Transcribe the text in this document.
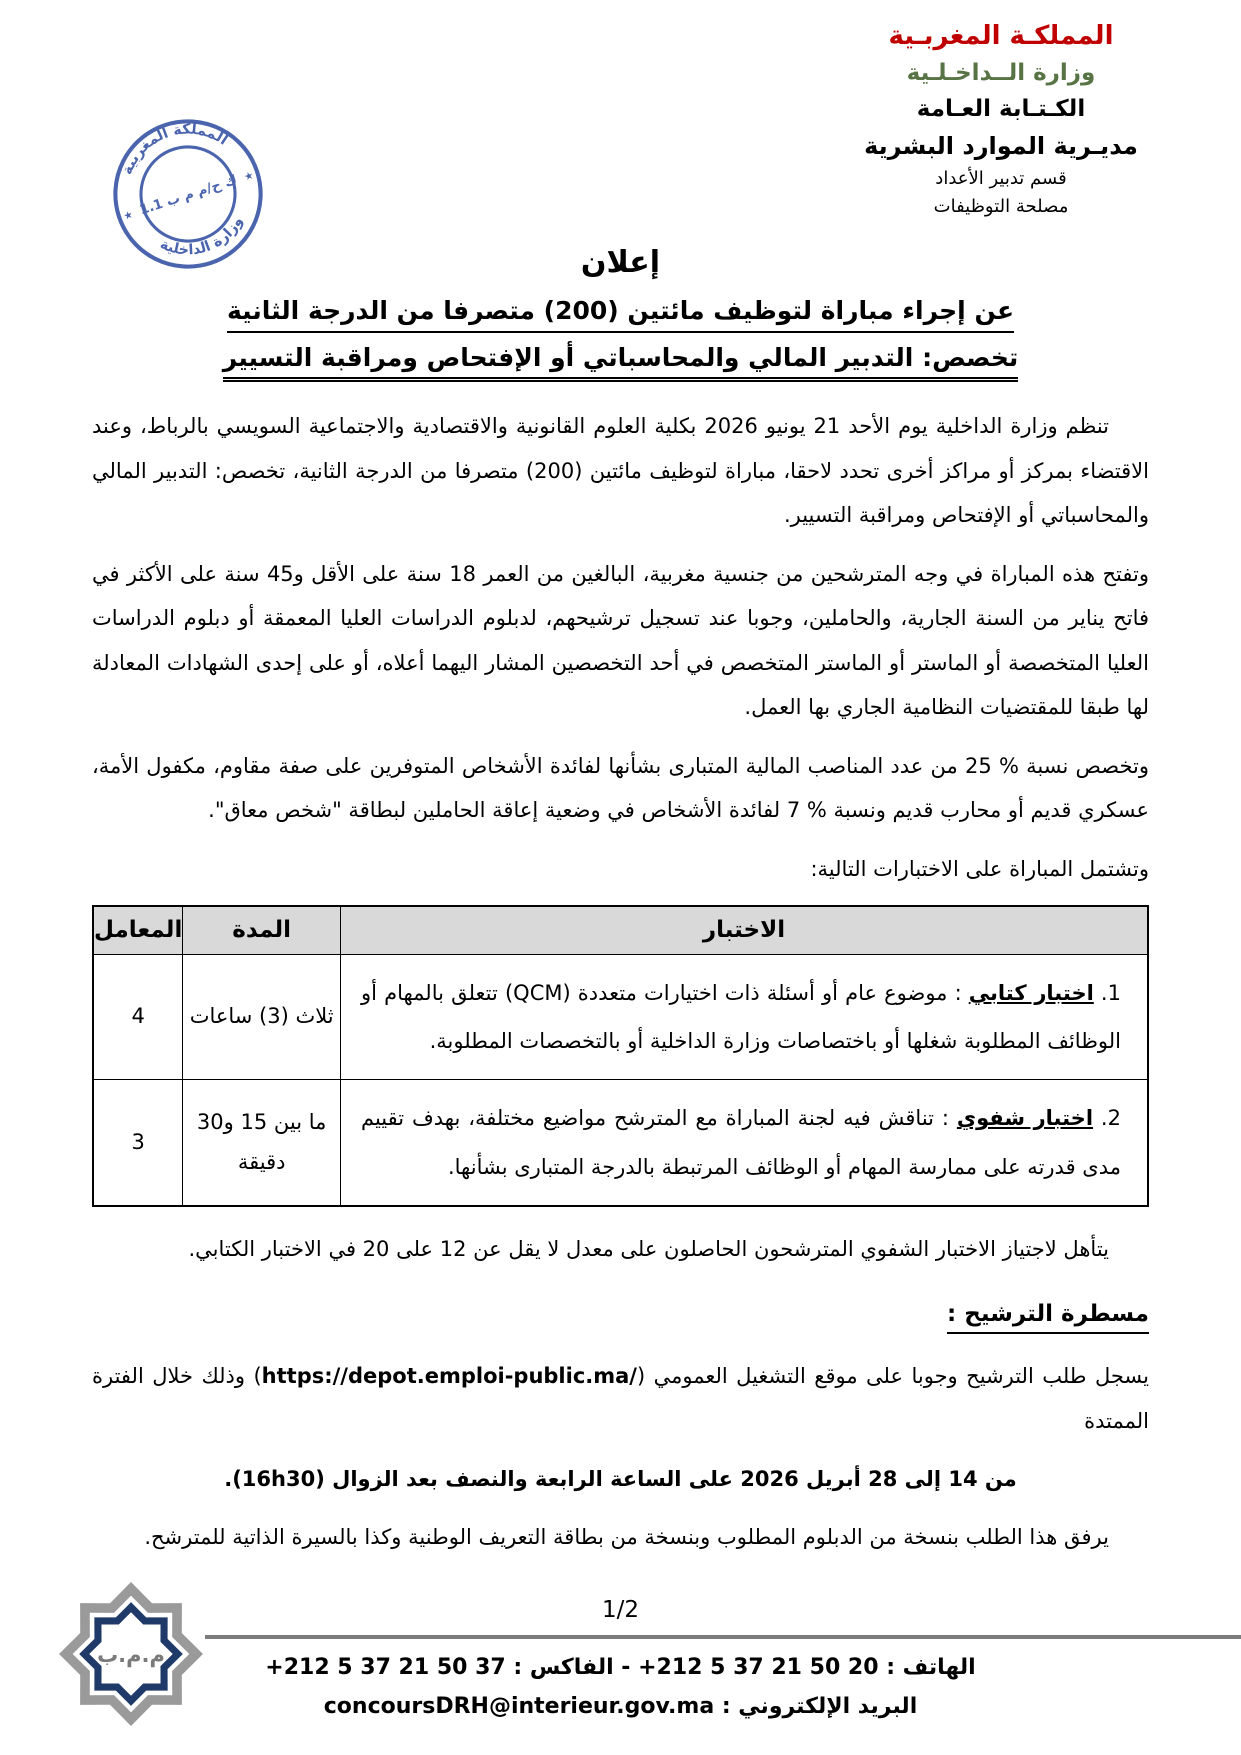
المملكـة المغربـية
وزارة الــداخـلـية
الكـتـابة العـامة
مديـرية الموارد البشرية
قسم تدبير الأعداد
مصلحة التوظيفات
المملكة المغربية
وزارة الداخلية
ك ح/م م ب 1.1
★
★
إعلان
عن إجراء مباراة لتوظيف مائتين (200) متصرفا من الدرجة الثانية
تخصص: التدبير المالي والمحاسباتي أو الإفتحاص ومراقبة التسيير

تنظم وزارة الداخلية يوم الأحد 21 يونيو 2026 بكلية العلوم القانونية والاقتصادية والاجتماعية السويسي بالرباط، وعند الاقتضاء بمركز أو مراكز أخرى تحدد لاحقا، مباراة لتوظيف مائتين (200) متصرفا من الدرجة الثانية، تخصص: التدبير المالي والمحاسباتي أو الإفتحاص ومراقبة التسيير.

وتفتح هذه المباراة في وجه المترشحين من جنسية مغربية، البالغين من العمر 18 سنة على الأقل و45 سنة على الأكثر في فاتح يناير من السنة الجارية، والحاملين، وجوبا عند تسجيل ترشيحهم، لدبلوم الدراسات العليا المعمقة أو دبلوم الدراسات العليا المتخصصة أو الماستر أو الماستر المتخصص في أحد التخصصين المشار اليهما أعلاه، أو على إحدى الشهادات المعادلة لها طبقا للمقتضيات النظامية الجاري بها العمل.

وتخصص نسبة % 25 من عدد المناصب المالية المتبارى بشأنها لفائدة الأشخاص المتوفرين على صفة مقاوم، مكفول الأمة، عسكري قديم أو محارب قديم ونسبة % 7 لفائدة الأشخاص في وضعية إعاقة الحاملين لبطاقة "شخص معاق".

وتشتمل المباراة على الاختبارات التالية:

الاختبار	المدة	المعامل
1. اختبار كتابي : موضوع عام أو أسئلة ذات اختيارات متعددة (QCM) تتعلق بالمهام أو الوظائف المطلوبة شغلها أو باختصاصات وزارة الداخلية أو بالتخصصات المطلوبة.	ثلاث (3) ساعات	4
2. اختبار شفوي : تناقش فيه لجنة المباراة مع المترشح مواضيع مختلفة، بهدف تقييم مدى قدرته على ممارسة المهام أو الوظائف المرتبطة بالدرجة المتبارى بشأنها.	ما بين 15 و30 دقيقة	3

يتأهل لاجتياز الاختبار الشفوي المترشحون الحاصلون على معدل لا يقل عن 12 على 20 في الاختبار الكتابي.

مسطرة الترشيح :

يسجل طلب الترشيح وجوبا على موقع التشغيل العمومي (https://depot.emploi-public.ma/) وذلك خلال الفترة الممتدة

من 14 إلى 28 أبريل 2026 على الساعة الرابعة والنصف بعد الزوال (16h30).

يرفق هذا الطلب بنسخة من الدبلوم المطلوب وبنسخة من بطاقة التعريف الوطنية وكذا بالسيرة الذاتية للمترشح.

1/2
م.م.ب	الهاتف : +212 5 37 21 50 20 - الفاكس : +212 5 37 21 50 37
البريد الإلكتروني : concoursDRH@interieur.gov.ma
